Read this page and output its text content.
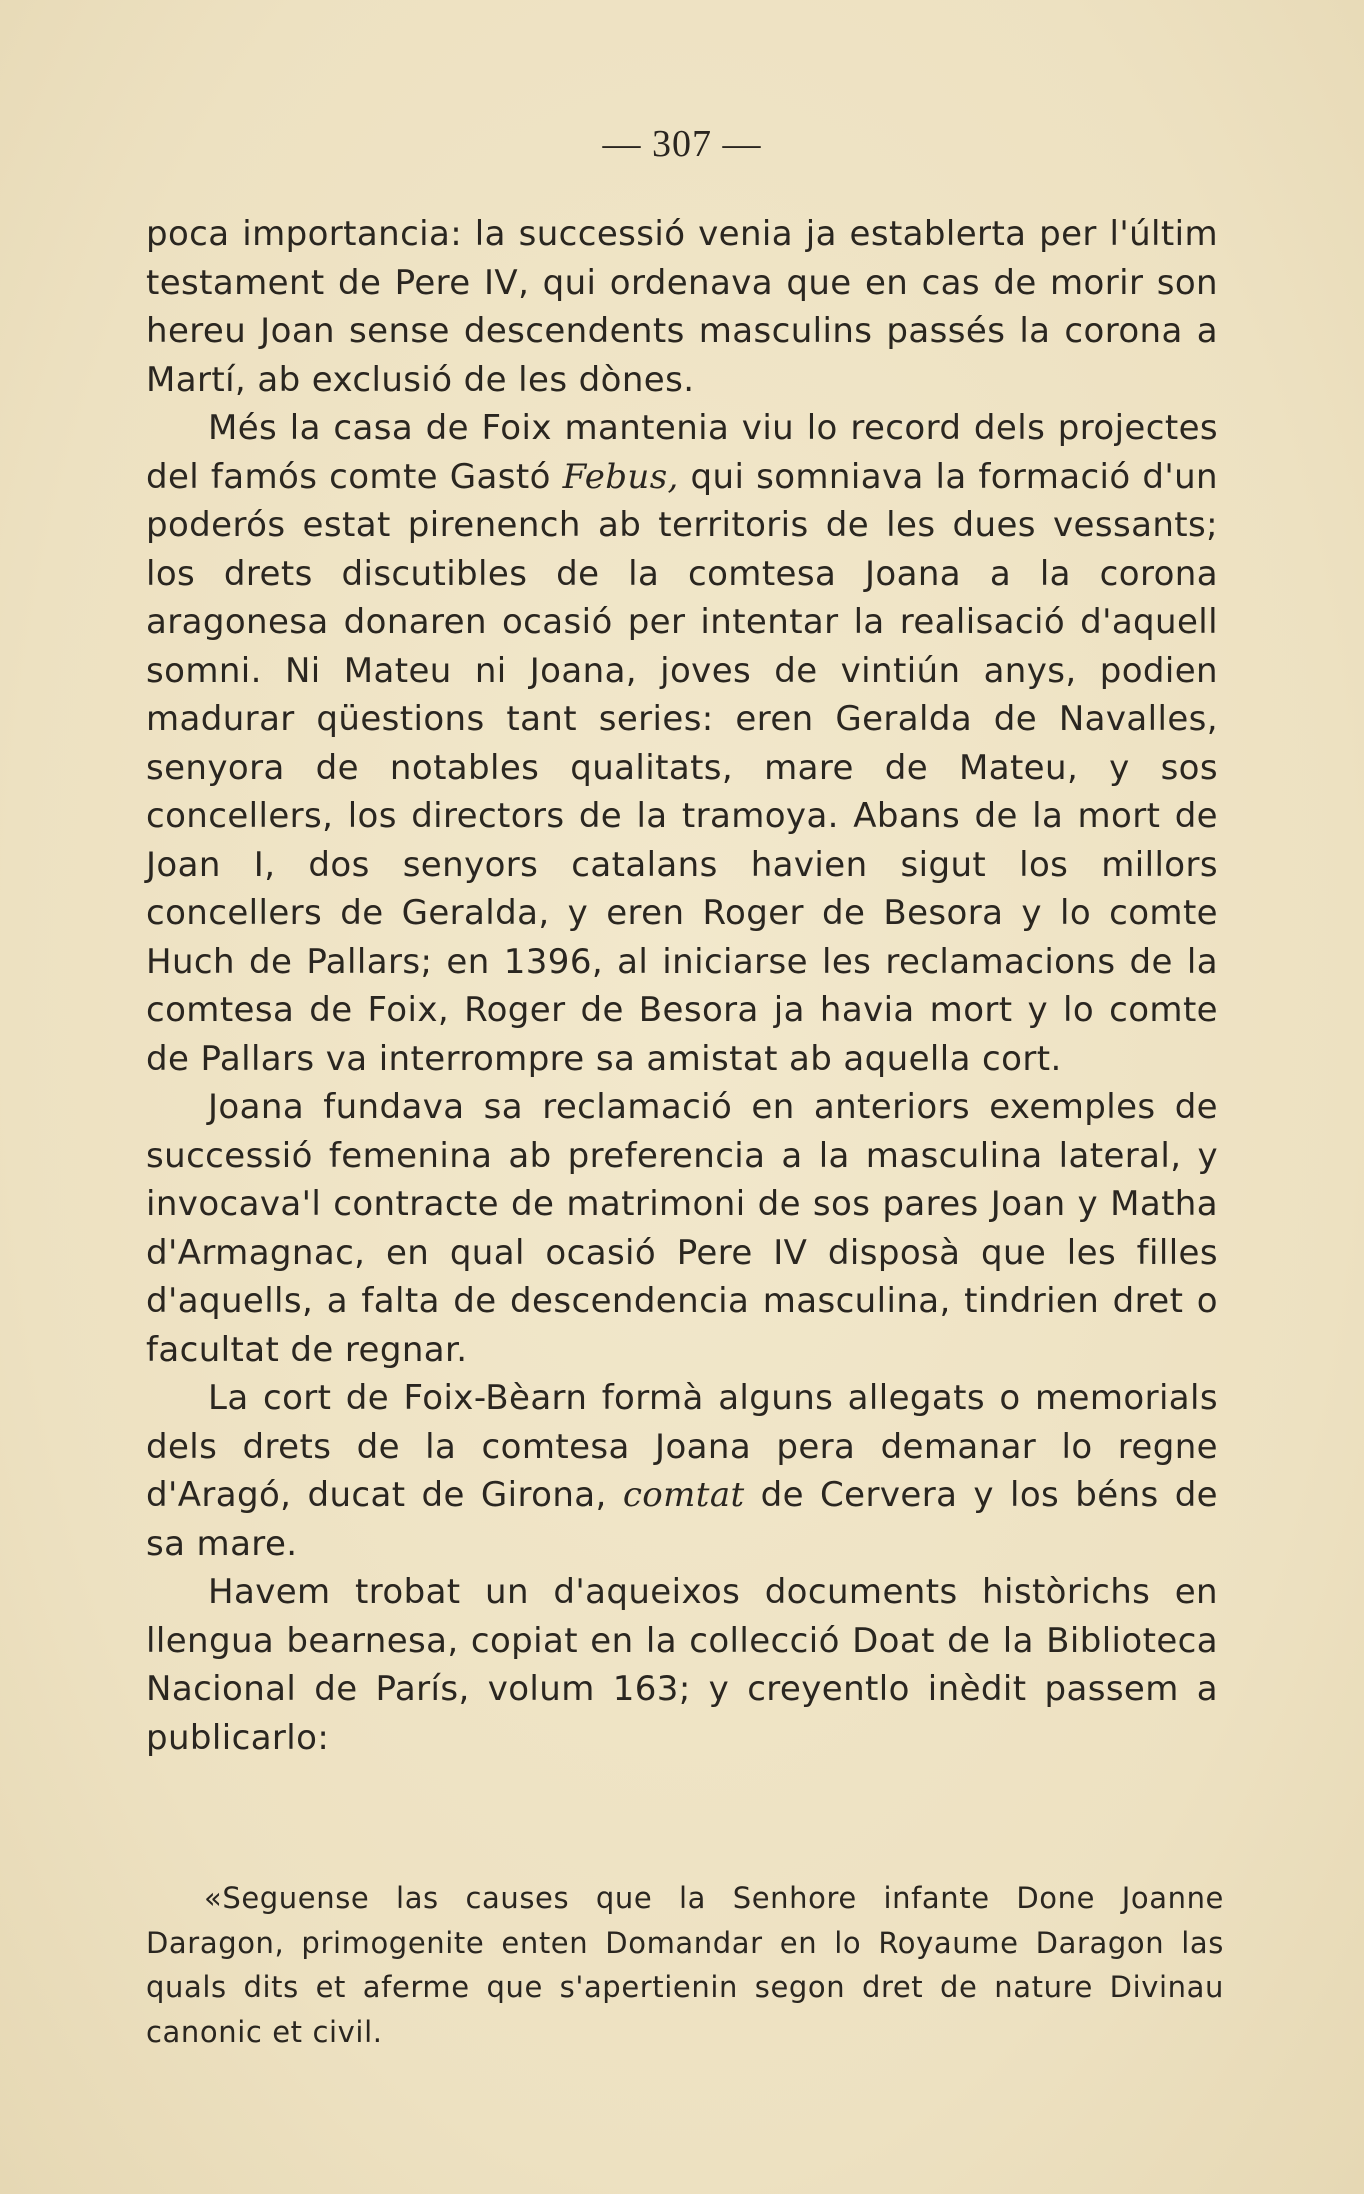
— 307 —

poca importancia: la successió venia ja establerta per l'últim testament de Pere IV, qui ordenava que en cas de morir son hereu Joan sense descendents masculins passés la corona a Martí, ab exclusió de les dònes.

Més la casa de Foix mantenia viu lo record dels projectes del famós comte Gastó Febus, qui somniava la formació d'un poderós estat pirenench ab territoris de les dues vessants; los drets discutibles de la comtesa Joana a la corona aragonesa donaren ocasió per intentar la realisació d'aquell somni. Ni Mateu ni Joana, joves de vintiún anys, podien madurar qüestions tant series: eren Geralda de Navalles, senyora de notables qualitats, mare de Mateu, y sos concellers, los directors de la tramoya. Abans de la mort de Joan I, dos senyors catalans havien sigut los millors concellers de Geralda, y eren Roger de Besora y lo comte Huch de Pallars; en 1396, al iniciarse les reclamacions de la comtesa de Foix, Roger de Besora ja havia mort y lo comte de Pallars va interrompre sa amistat ab aquella cort.

Joana fundava sa reclamació en anteriors exemples de successió femenina ab preferencia a la masculina lateral, y invocava'l contracte de matrimoni de sos pares Joan y Matha d'Armagnac, en qual ocasió Pere IV disposà que les filles d'aquells, a falta de descendencia masculina, tindrien dret o facultat de regnar.

La cort de Foix-Bèarn formà alguns allegats o memorials dels drets de la comtesa Joana pera demanar lo regne d'Aragó, ducat de Girona, comtat de Cervera y los béns de sa mare.

Havem trobat un d'aqueixos documents històrichs en llengua bearnesa, copiat en la collecció Doat de la Biblioteca Nacional de París, volum 163; y creyentlo inèdit passem a publicarlo:

«Seguense las causes que la Senhore infante Done Joanne Daragon, primogenite enten Domandar en lo Royaume Daragon las quals dits et aferme que s'apertienin segon dret de nature Divinau canonic et civil.
